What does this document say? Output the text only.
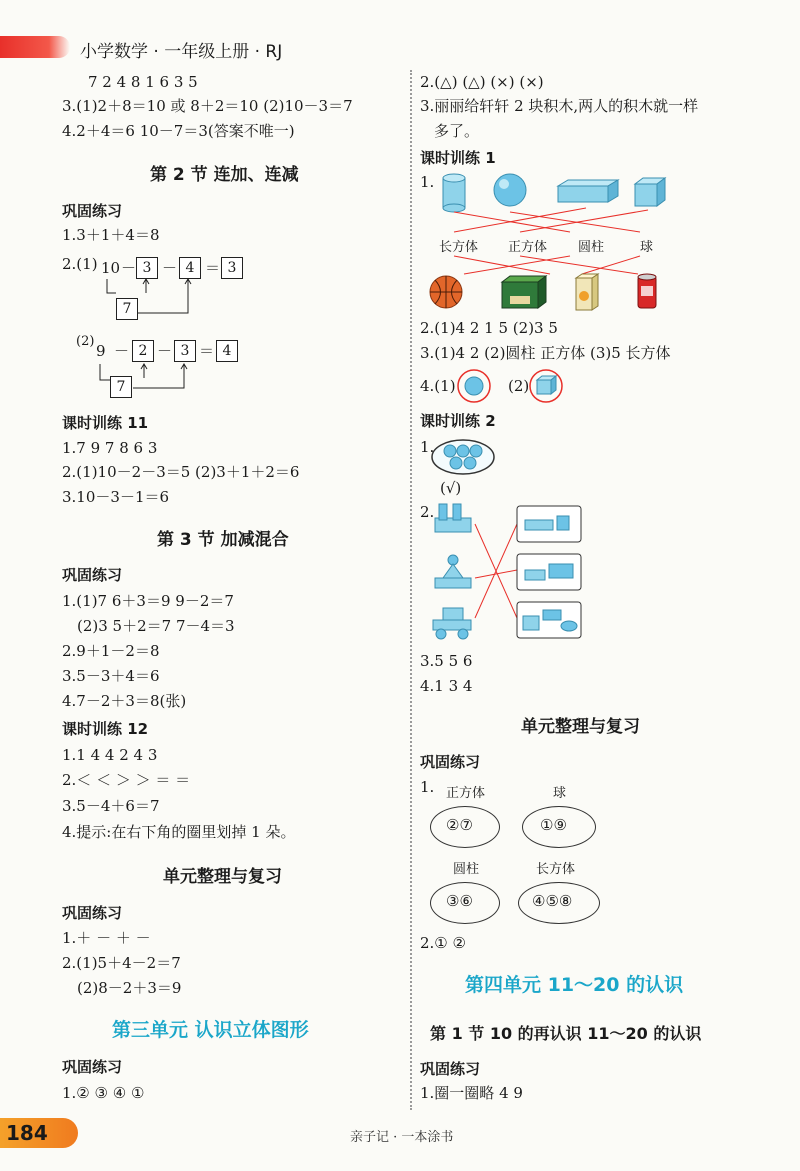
小学数学 · 一年级上册 · RJ
7 2 4 8 1 6 3 5
3.(1)2＋8＝10 或 8＋2＝10 (2)10－3＝7
4.2＋4＝6 10－7＝3(答案不唯一)
第 2 节 连加、连减
巩固练习
1.3＋1＋4＝8
2.(1) 10 － 3 － 4 ＝ 3
7
(2)
9 － 2 － 3 ＝ 4
7
课时训练 11
1.7 9 7 8 6 3
2.(1)10－2－3＝5 (2)3＋1＋2＝6
3.10－3－1＝6
第 3 节 加减混合
巩固练习
1.(1)7 6＋3＝9 9－2＝7
(2)3 5＋2＝7 7－4＝3
2.9＋1－2＝8
3.5－3＋4＝6
4.7－2＋3＝8(张)
课时训练 12
1.1 4 4 2 4 3
2.＜ ＜ ＞ ＞ ＝ ＝
3.5－4＋6＝7
4.提示:在右下角的圈里划掉 1 朵。
单元整理与复习
巩固练习
1.＋ － ＋ －
2.(1)5＋4－2＝7
(2)8－2＋3＝9
第三单元 认识立体图形
巩固练习
1.② ③ ④ ①
2.(△) (△) (×) (×)
3.丽丽给轩轩 2 块积木,两人的积木就一样
多了。
课时训练 1
1.
长方体 正方体 圆柱	球
2.(1)4 2 1 5 (2)3 5
3.(1)4 2 (2)圆柱 正方体 (3)5 长方体
4.(1)	(2)
课时训练 2
1.
(√)
2.
3.5 5 6
4.1 3 4
单元整理与复习
巩固练习
1. 正方体
②⑦
球
①⑨
圆柱
③⑥
长方体
④⑤⑧
2.① ②
第四单元 11～20 的认识
第 1 节 10 的再认识 11～20 的认识
巩固练习
1.圈一圈略 4 9
184	亲子记 · 一本涂书
